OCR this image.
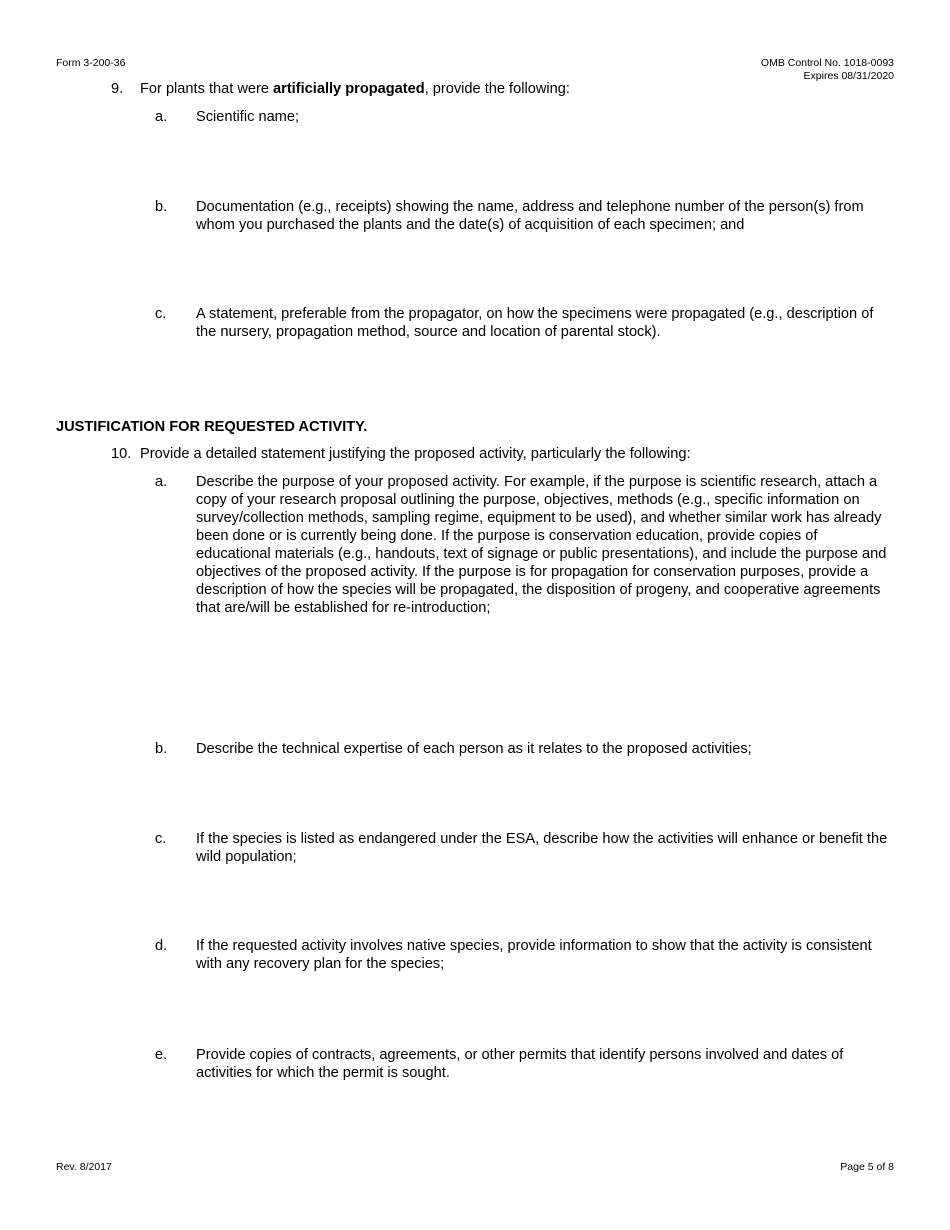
Form 3-200-36	OMB Control No. 1018-0093
Expires 08/31/2020
9. For plants that were artificially propagated, provide the following:
a. Scientific name;
b. Documentation (e.g., receipts) showing the name, address and telephone number of the person(s) from whom you purchased the plants and the date(s) of acquisition of each specimen; and
c. A statement, preferable from the propagator, on how the specimens were propagated (e.g., description of the nursery, propagation method, source and location of parental stock).
JUSTIFICATION FOR REQUESTED ACTIVITY.
10. Provide a detailed statement justifying the proposed activity, particularly the following:
a. Describe the purpose of your proposed activity. For example, if the purpose is scientific research, attach a copy of your research proposal outlining the purpose, objectives, methods (e.g., specific information on survey/collection methods, sampling regime, equipment to be used), and whether similar work has already been done or is currently being done. If the purpose is conservation education, provide copies of educational materials (e.g., handouts, text of signage or public presentations), and include the purpose and objectives of the proposed activity. If the purpose is for propagation for conservation purposes, provide a description of how the species will be propagated, the disposition of progeny, and cooperative agreements that are/will be established for re-introduction;
b. Describe the technical expertise of each person as it relates to the proposed activities;
c. If the species is listed as endangered under the ESA, describe how the activities will enhance or benefit the wild population;
d. If the requested activity involves native species, provide information to show that the activity is consistent with any recovery plan for the species;
e. Provide copies of contracts, agreements, or other permits that identify persons involved and dates of activities for which the permit is sought.
Rev. 8/2017	Page 5 of 8
